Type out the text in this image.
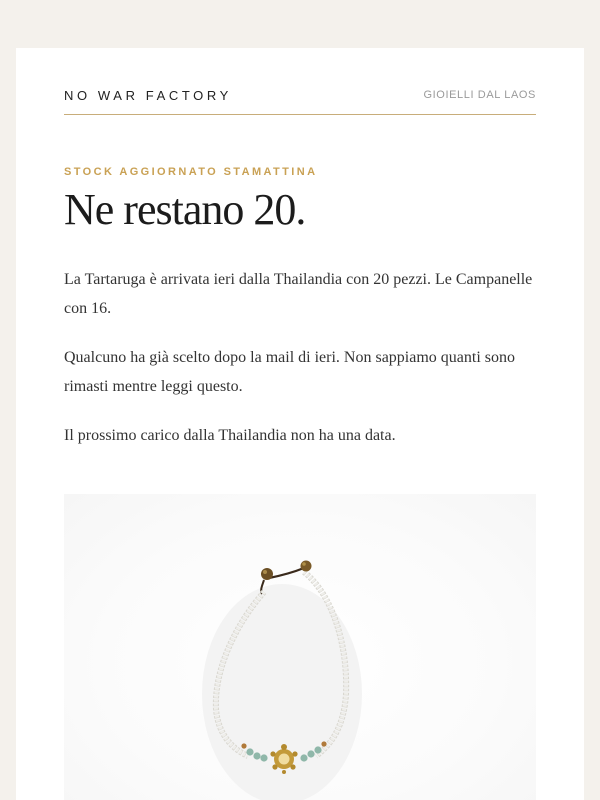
NO WAR FACTORY	GIOIELLI DAL LAOS
STOCK AGGIORNATO STAMATTINA
Ne restano 20.

La Tartaruga è arrivata ieri dalla Thailandia con 20 pezzi. Le Campanelle con 16.

Qualcuno ha già scelto dopo la mail di ieri. Non sappiamo quanti sono rimasti mentre leggi questo.

Il prossimo carico dalla Thailandia non ha una data.
